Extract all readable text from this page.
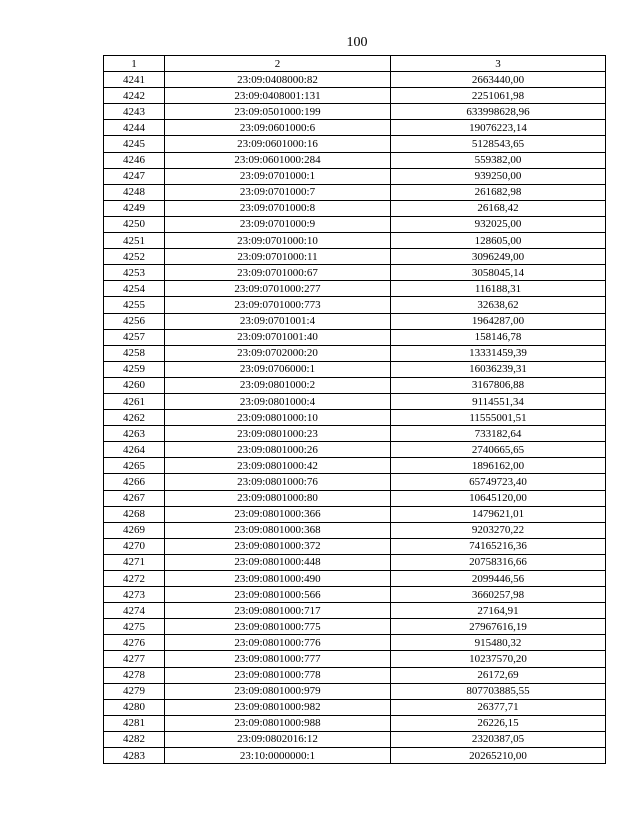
100
1	2	3
4241	23:09:0408000:82	2663440,00
4242	23:09:0408001:131	2251061,98
4243	23:09:0501000:199	633998628,96
4244	23:09:0601000:6	19076223,14
4245	23:09:0601000:16	5128543,65
4246	23:09:0601000:284	559382,00
4247	23:09:0701000:1	939250,00
4248	23:09:0701000:7	261682,98
4249	23:09:0701000:8	26168,42
4250	23:09:0701000:9	932025,00
4251	23:09:0701000:10	128605,00
4252	23:09:0701000:11	3096249,00
4253	23:09:0701000:67	3058045,14
4254	23:09:0701000:277	116188,31
4255	23:09:0701000:773	32638,62
4256	23:09:0701001:4	1964287,00
4257	23:09:0701001:40	158146,78
4258	23:09:0702000:20	13331459,39
4259	23:09:0706000:1	16036239,31
4260	23:09:0801000:2	3167806,88
4261	23:09:0801000:4	9114551,34
4262	23:09:0801000:10	11555001,51
4263	23:09:0801000:23	733182,64
4264	23:09:0801000:26	2740665,65
4265	23:09:0801000:42	1896162,00
4266	23:09:0801000:76	65749723,40
4267	23:09:0801000:80	10645120,00
4268	23:09:0801000:366	1479621,01
4269	23:09:0801000:368	9203270,22
4270	23:09:0801000:372	74165216,36
4271	23:09:0801000:448	20758316,66
4272	23:09:0801000:490	2099446,56
4273	23:09:0801000:566	3660257,98
4274	23:09:0801000:717	27164,91
4275	23:09:0801000:775	27967616,19
4276	23:09:0801000:776	915480,32
4277	23:09:0801000:777	10237570,20
4278	23:09:0801000:778	26172,69
4279	23:09:0801000:979	807703885,55
4280	23:09:0801000:982	26377,71
4281	23:09:0801000:988	26226,15
4282	23:09:0802016:12	2320387,05
4283	23:10:0000000:1	20265210,00
